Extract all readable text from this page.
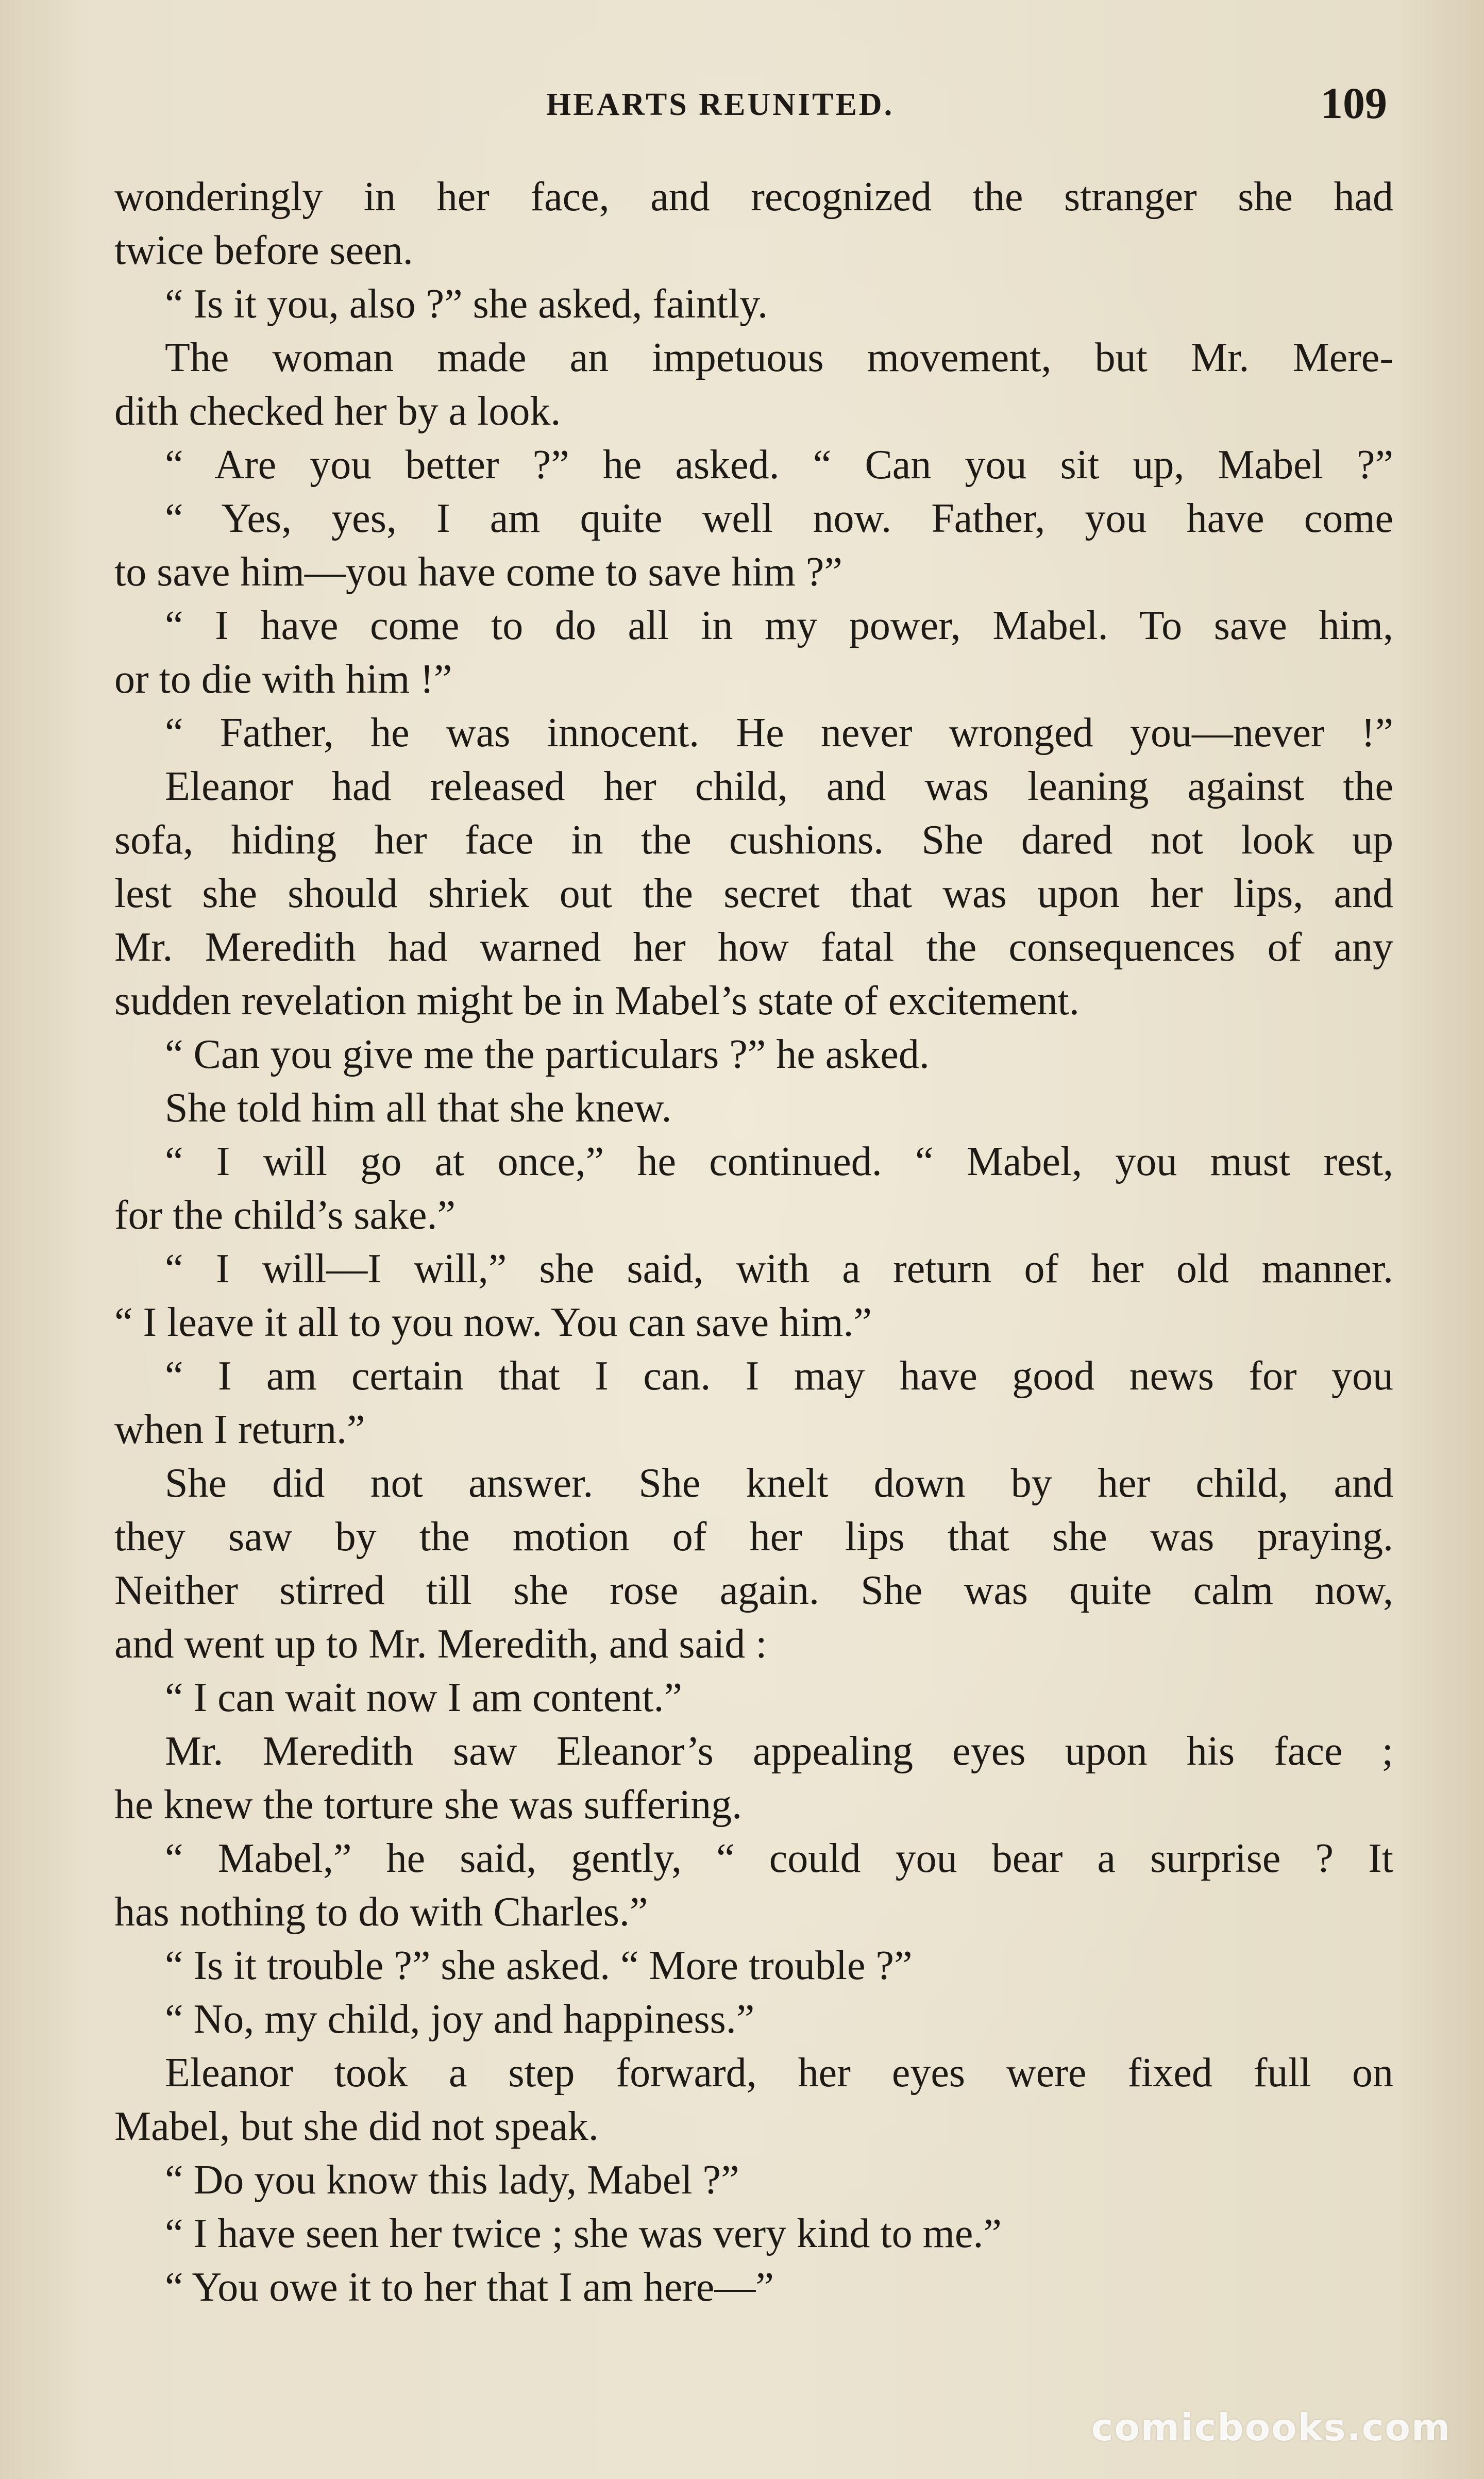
HEARTS REUNITED.	109
wonderingly in her face, and recognized the stranger she had
twice before seen.
“ Is it you, also ?” she asked, faintly.
The woman made an impetuous movement, but Mr. Mere-
dith checked her by a look.
“ Are you better ?” he asked. “ Can you sit up, Mabel ?”
“ Yes, yes, I am quite well now. Father, you have come
to save him—you have come to save him ?”
“ I have come to do all in my power, Mabel. To save him,
or to die with him !”
“ Father, he was innocent. He never wronged you—never !”
Eleanor had released her child, and was leaning against the
sofa, hiding her face in the cushions. She dared not look up
lest she should shriek out the secret that was upon her lips, and
Mr. Meredith had warned her how fatal the consequences of any
sudden revelation might be in Mabel’s state of excitement.
“ Can you give me the particulars ?” he asked.
She told him all that she knew.
“ I will go at once,” he continued. “ Mabel, you must rest,
for the child’s sake.”
“ I will—I will,” she said, with a return of her old manner.
“ I leave it all to you now. You can save him.”
“ I am certain that I can. I may have good news for you
when I return.”
She did not answer. She knelt down by her child, and
they saw by the motion of her lips that she was praying.
Neither stirred till she rose again. She was quite calm now,
and went up to Mr. Meredith, and said :
“ I can wait now I am content.”
Mr. Meredith saw Eleanor’s appealing eyes upon his face ;
he knew the torture she was suffering.
“ Mabel,” he said, gently, “ could you bear a surprise ? It
has nothing to do with Charles.”
“ Is it trouble ?” she asked. “ More trouble ?”
“ No, my child, joy and happiness.”
Eleanor took a step forward, her eyes were fixed full on
Mabel, but she did not speak.
“ Do you know this lady, Mabel ?”
“ I have seen her twice ; she was very kind to me.”
“ You owe it to her that I am here—”
comicbooks.com
